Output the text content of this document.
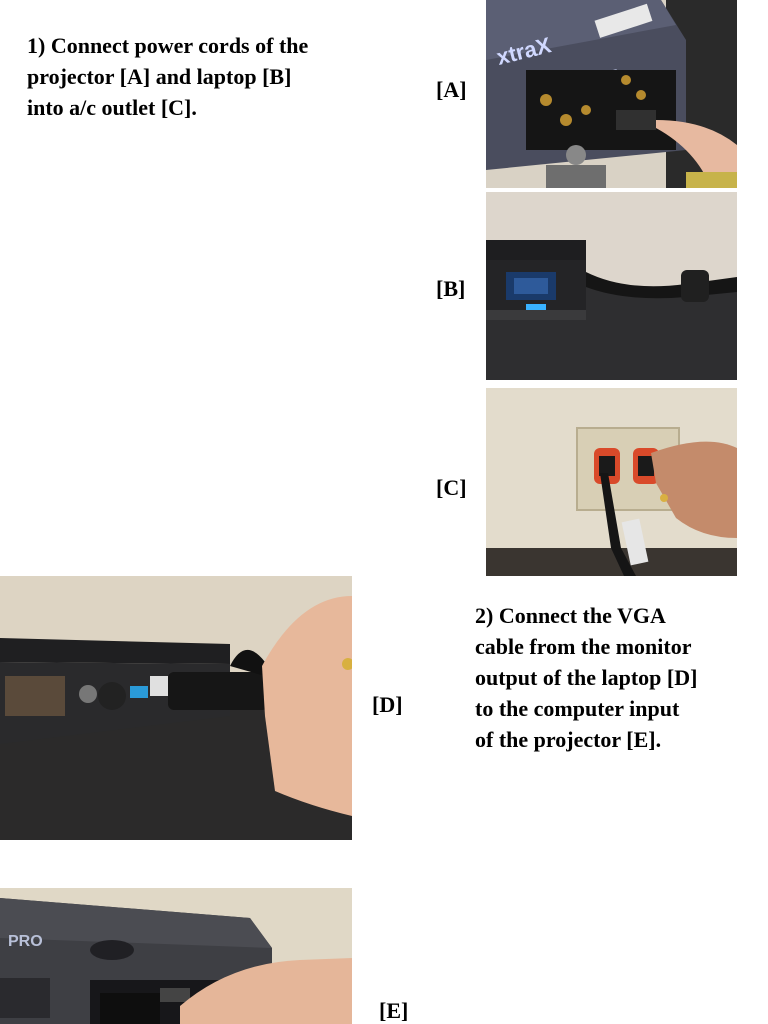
1) Connect power cords of the
projector [A] and laptop [B]
into a/c outlet [C].
[A]
[B]
[C]
[D]
[E]
xtraX
2) Connect the VGA
cable from the monitor
output of the laptop [D]
to the computer input
of the projector [E].
PRO
